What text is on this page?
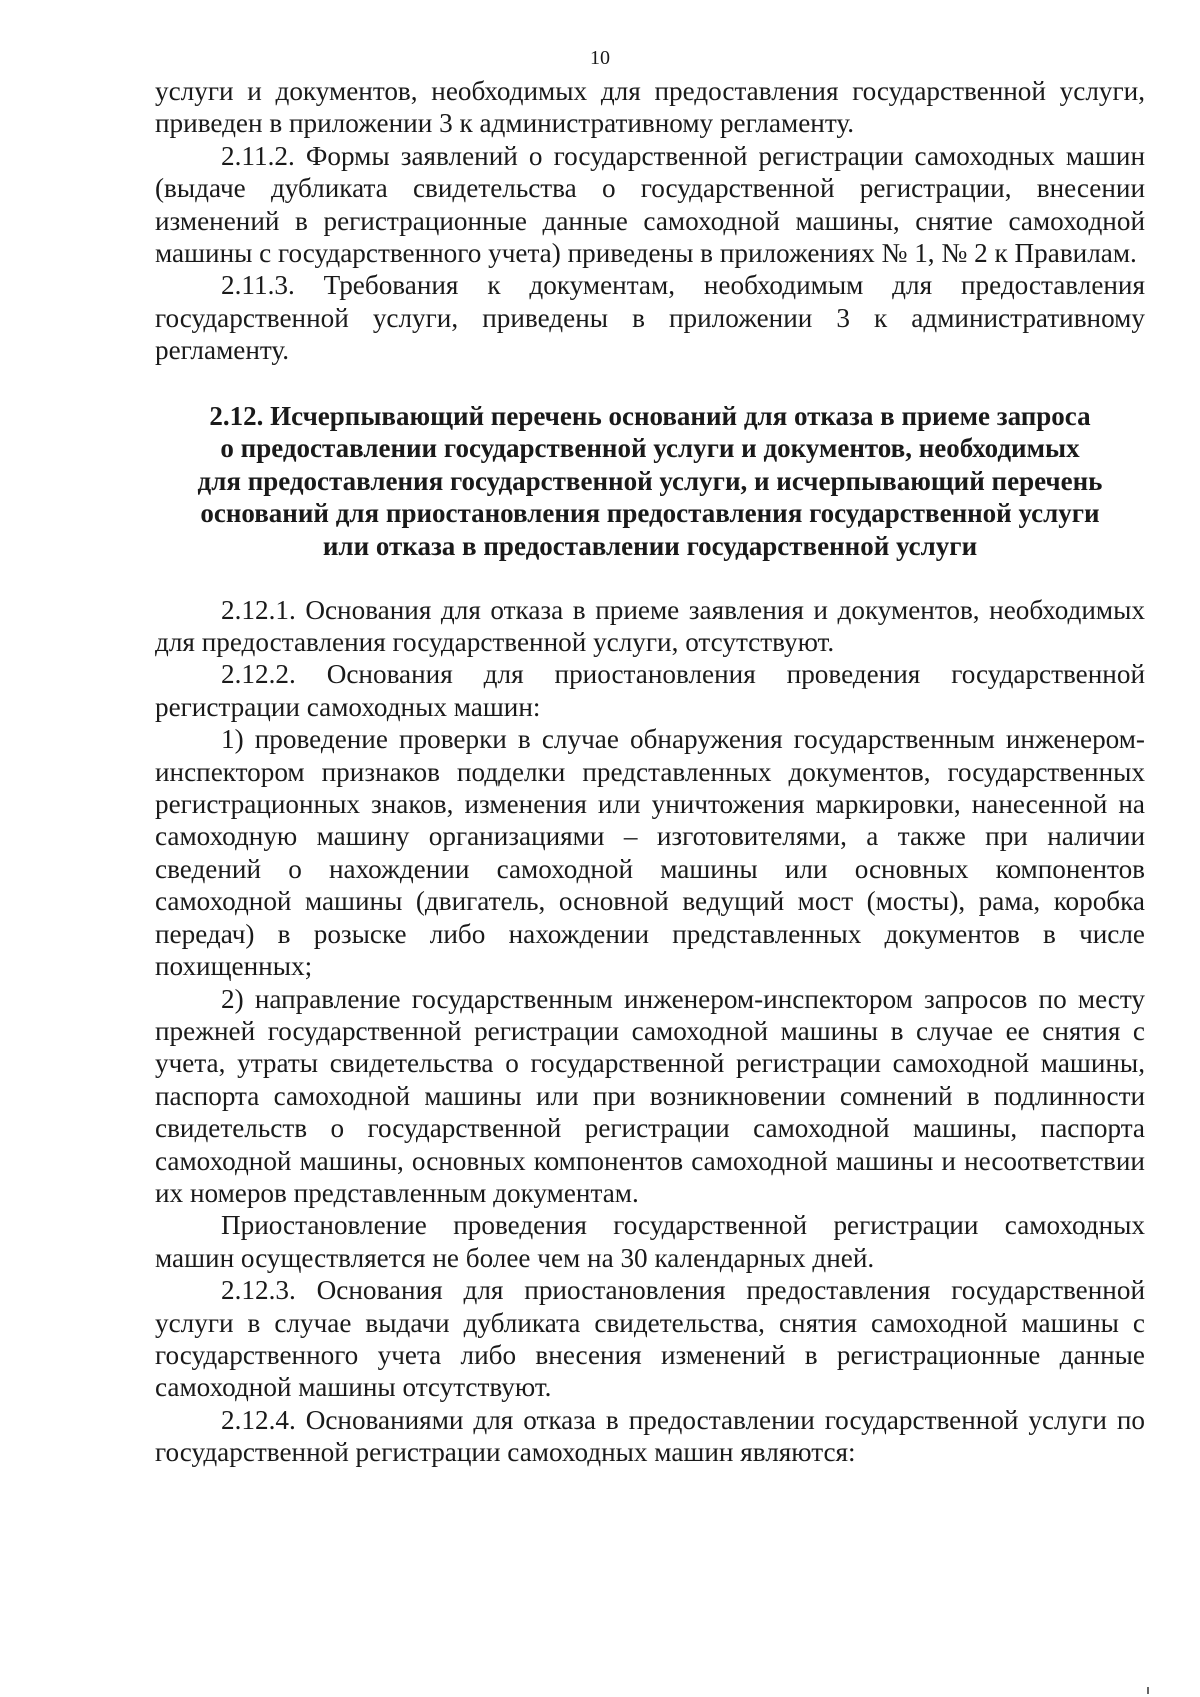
10

услуги и документов, необходимых для предоставления государственной услуги, приведен в приложении 3 к административному регламенту.

2.11.2. Формы заявлений о государственной регистрации самоходных машин (выдаче дубликата свидетельства о государственной регистрации, внесении изменений в регистрационные данные самоходной машины, снятие самоходной машины с государственного учета) приведены в приложениях № 1, № 2 к Правилам.

2.11.3. Требования к документам, необходимым для предоставления государственной услуги, приведены в приложении 3 к административному регламенту.

2.12. Исчерпывающий перечень оснований для отказа в приеме запроса
о предоставлении государственной услуги и документов, необходимых
для предоставления государственной услуги, и исчерпывающий перечень
оснований для приостановления предоставления государственной услуги
или отказа в предоставлении государственной услуги

2.12.1. Основания для отказа в приеме заявления и документов, необходимых для предоставления государственной услуги, отсутствуют.

2.12.2. Основания для приостановления проведения государственной регистрации самоходных машин:

1) проведение проверки в случае обнаружения государственным инженером-инспектором признаков подделки представленных документов, государственных регистрационных знаков, изменения или уничтожения маркировки, нанесенной на самоходную машину организациями – изготовителями, а также при наличии сведений о нахождении самоходной машины или основных компонентов самоходной машины (двигатель, основной ведущий мост (мосты), рама, коробка передач) в розыске либо нахождении представленных документов в числе похищенных;

2) направление государственным инженером-инспектором запросов по месту прежней государственной регистрации самоходной машины в случае ее снятия с учета, утраты свидетельства о государственной регистрации самоходной машины, паспорта самоходной машины или при возникновении сомнений в подлинности свидетельств о государственной регистрации самоходной машины, паспорта самоходной машины, основных компонентов самоходной машины и несоответствии их номеров представленным документам.

Приостановление проведения государственной регистрации самоходных машин осуществляется не более чем на 30 календарных дней.

2.12.3. Основания для приостановления предоставления государственной услуги в случае выдачи дубликата свидетельства, снятия самоходной машины с государственного учета либо внесения изменений в регистрационные данные самоходной машины отсутствуют.

2.12.4. Основаниями для отказа в предоставлении государственной услуги по государственной регистрации самоходных машин являются:
